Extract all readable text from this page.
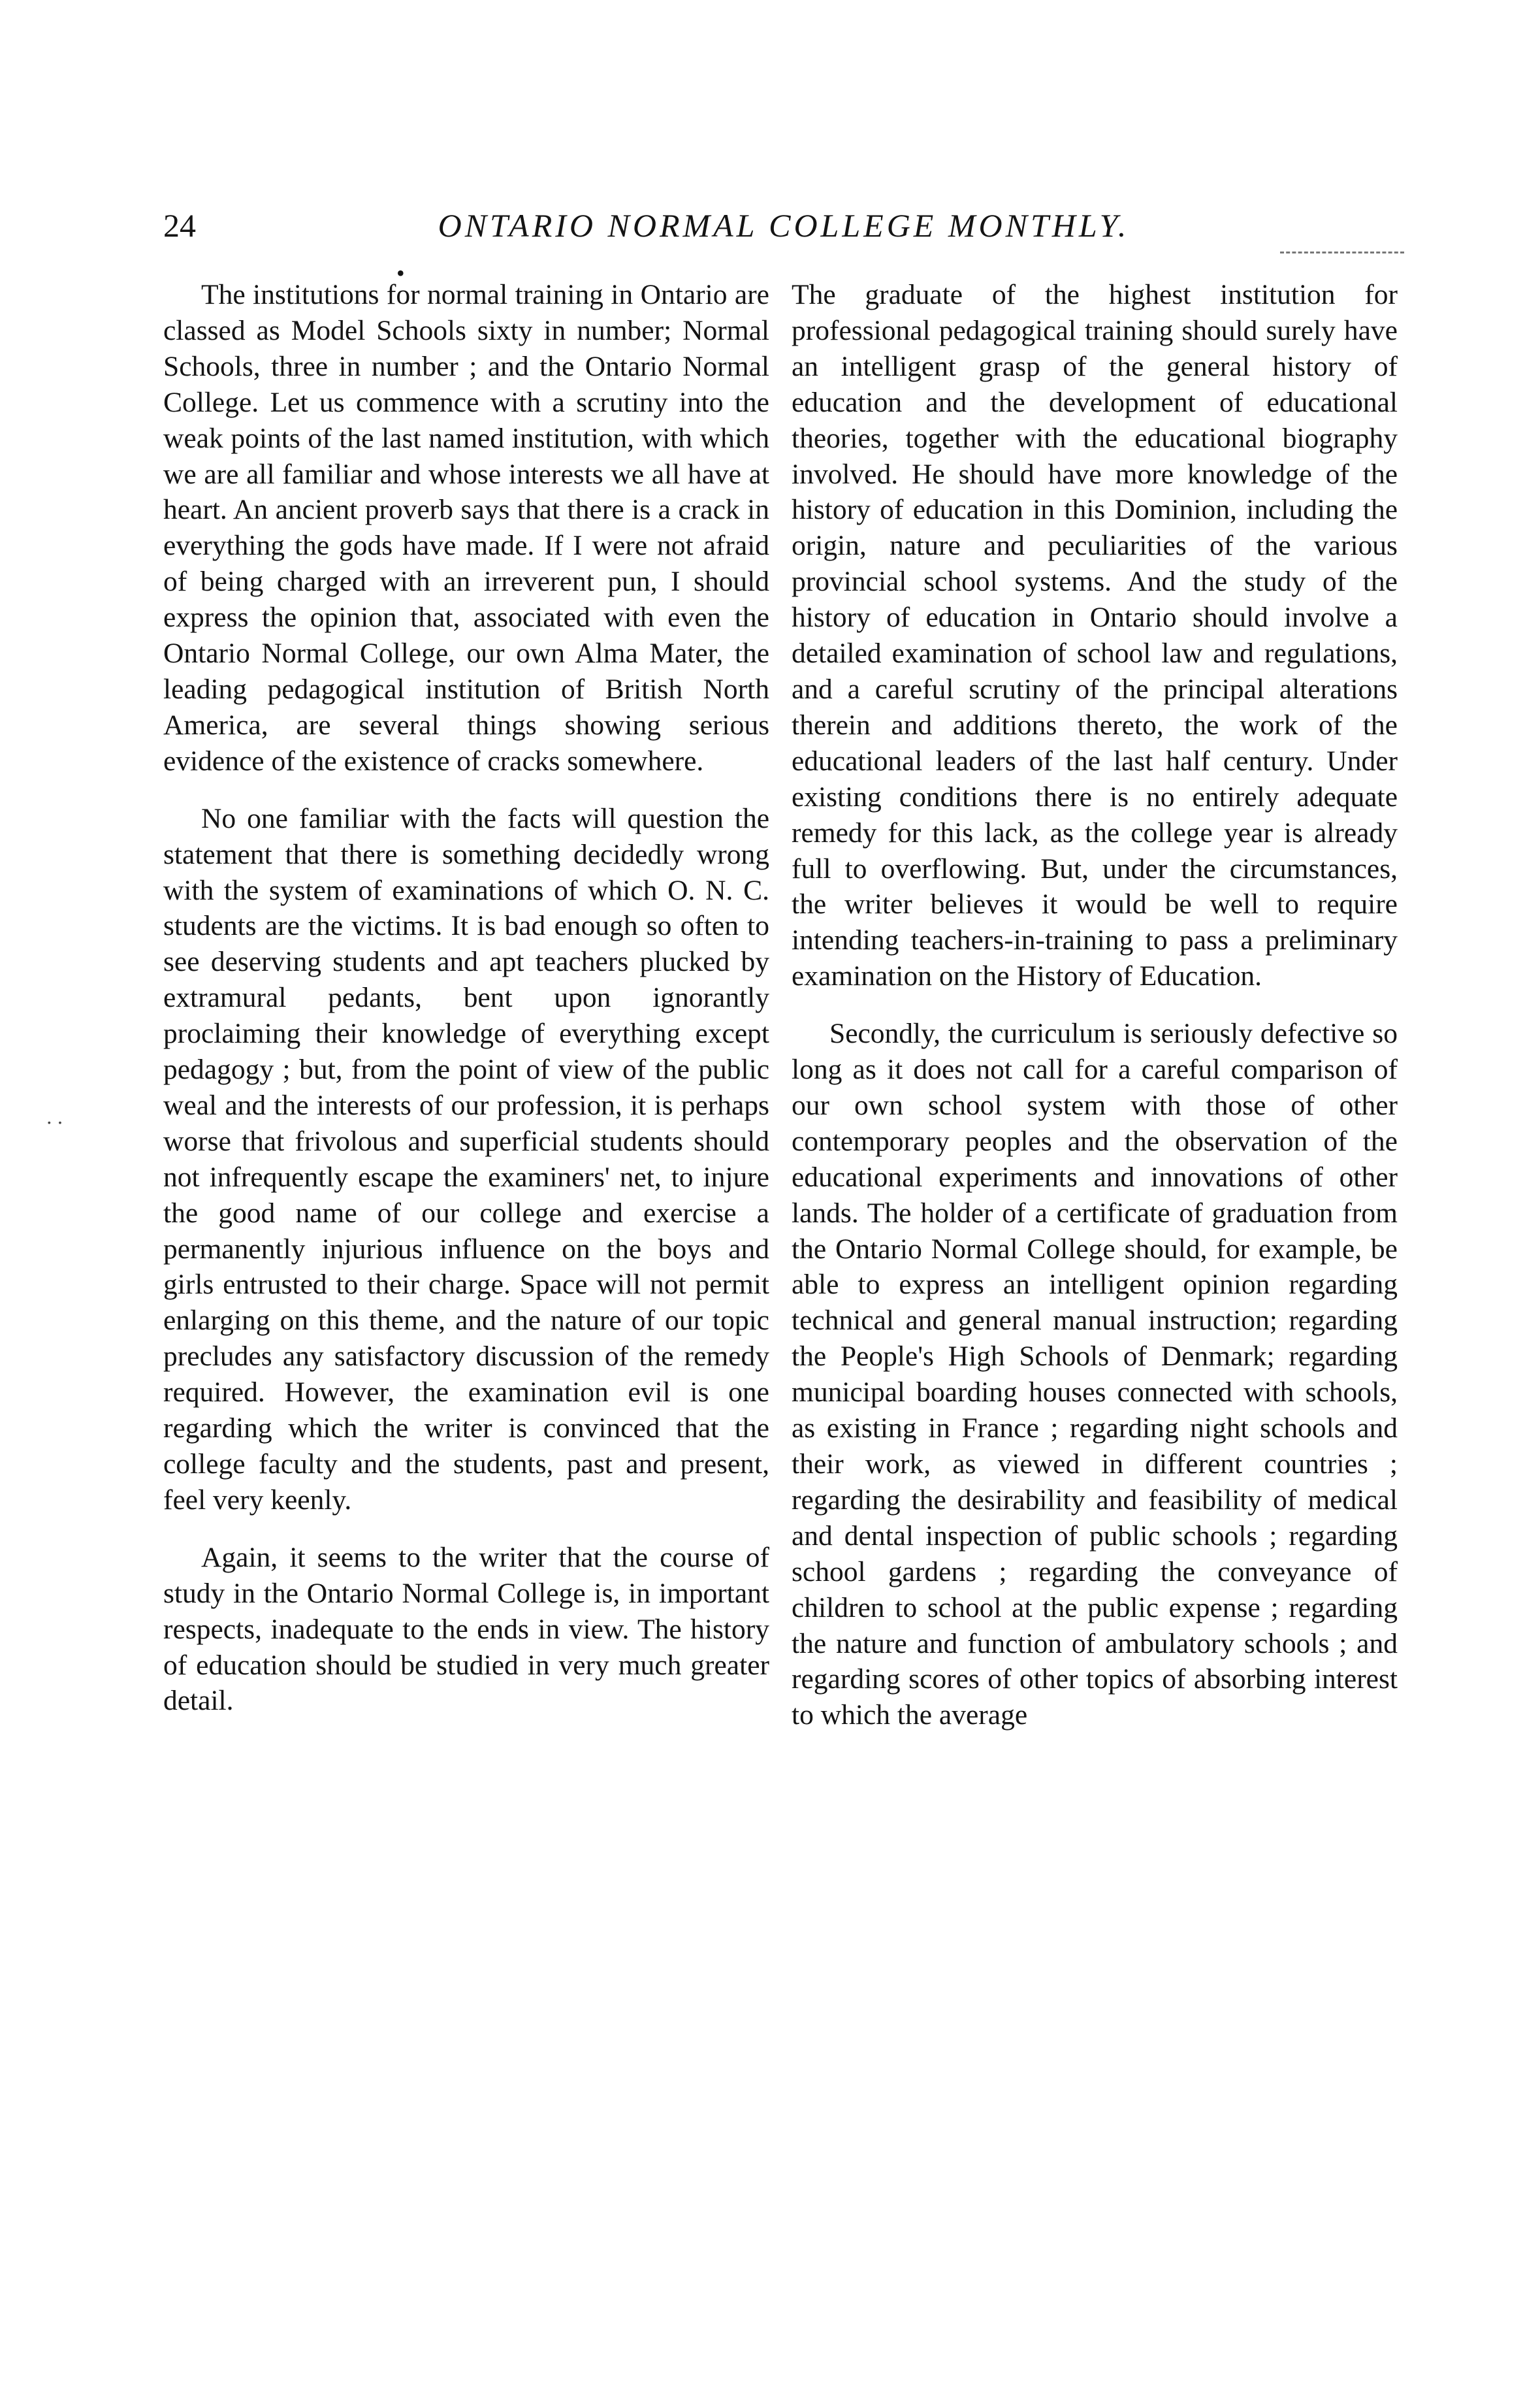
24	ONTARIO NORMAL COLLEGE MONTHLY.
•

The institutions for normal training in Ontario are classed as Model Schools sixty in number; Normal Schools, three in number ; and the Ontario Normal College. Let us commence with a scrutiny into the weak points of the last named institution, with which we are all familiar and whose interests we all have at heart. An ancient proverb says that there is a crack in everything the gods have made. If I were not afraid of being charged with an irreverent pun, I should express the opinion that, associated with even the Ontario Normal College, our own Alma Mater, the leading pedagogical institution of British North America, are several things showing serious evidence of the existence of cracks somewhere.

No one familiar with the facts will question the statement that there is something decidedly wrong with the system of examinations of which O. N. C. students are the victims. It is bad enough so often to see deserving students and apt teachers plucked by extramural pedants, bent upon ignorantly proclaiming their knowledge of everything except pedagogy ; but, from the point of view of the public weal and the interests of our profession, it is perhaps worse that frivolous and superficial students should not infrequently escape the examiners' net, to injure the good name of our college and exercise a permanently injurious influence on the boys and girls entrusted to their charge. Space will not permit enlarging on this theme, and the nature of our topic precludes any satisfactory discussion of the remedy required. However, the examination evil is one regarding which the writer is convinced that the college faculty and the students, past and present, feel very keenly.

Again, it seems to the writer that the course of study in the Ontario Normal College is, in important respects, inadequate to the ends in view. The history of education should be studied in very much greater detail.

The graduate of the highest institution for professional pedagogical training should surely have an intelligent grasp of the general history of education and the development of educational theories, together with the educational biography involved. He should have more knowledge of the history of education in this Dominion, including the origin, nature and peculiarities of the various provincial school systems. And the study of the history of education in Ontario should involve a detailed examination of school law and regulations, and a careful scrutiny of the principal alterations therein and additions thereto, the work of the educational leaders of the last half century. Under existing conditions there is no entirely adequate remedy for this lack, as the college year is already full to overflowing. But, under the circumstances, the writer believes it would be well to require intending teachers-in-training to pass a preliminary examination on the History of Education.

Secondly, the curriculum is seriously defective so long as it does not call for a careful comparison of our own school system with those of other contemporary peoples and the observation of the educational experiments and innovations of other lands. The holder of a certificate of graduation from the Ontario Normal College should, for example, be able to express an intelligent opinion regarding technical and general manual instruction; regarding the People's High Schools of Denmark; regarding municipal boarding houses connected with schools, as existing in France ; regarding night schools and their work, as viewed in different countries ; regarding the desirability and feasibility of medical and dental inspection of public schools ; regarding school gardens ; regarding the conveyance of children to school at the public expense ; regarding the nature and function of ambulatory schools ; and regarding scores of other topics of absorbing interest to which the average

··
